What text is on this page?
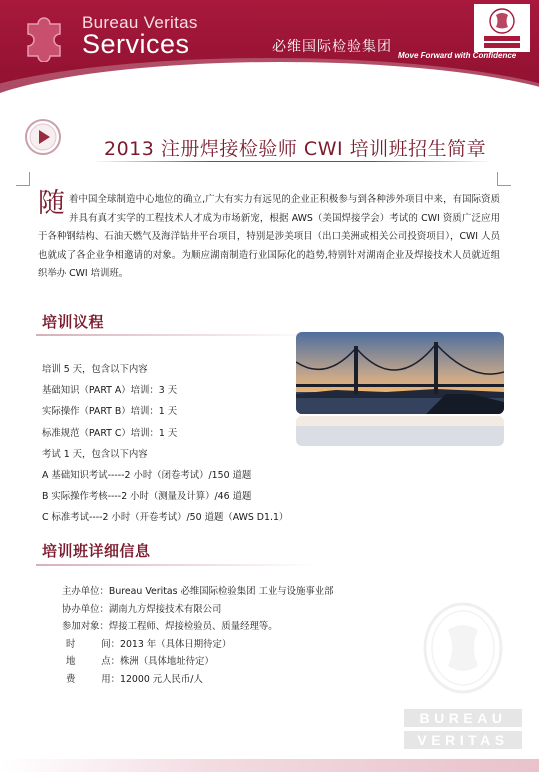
Bureau Veritas
Services	必维国际检验集团
Move Forward with Confidence
2013 注册焊接检验师 CWI 培训班招生简章
随 着中国全球制造中心地位的确立,广大有实力有远见的企业正积极参与到各种涉外项目中来，有国际资质并具有真才实学的工程技术人才成为市场新宠，根据 AWS（美国焊接学会）考试的 CWI 资质广泛应用于各种钢结构、石油天燃气及海洋钻井平台项目，特别是涉美项目（出口美洲或相关公司投资项目），CWI 人员也就成了各企业争相邀请的对象。为顺应湖南制造行业国际化的趋势,特别针对湖南企业及焊接技术人员就近组织举办 CWI 培训班。
培训议程
培训 5 天，包含以下内容
基础知识（PART A）培训：3 天
实际操作（PART B）培训：1 天
标准规范（PART C）培训：1 天
考试 1 天，包含以下内容
A 基础知识考试-----2 小时（闭卷考试）/150 道题
B 实际操作考核----2 小时（测量及计算）/46 道题
C 标准考试----2 小时（开卷考试）/50 道题（AWS D1.1）
培训班详细信息
主办单位： Bureau Veritas 必维国际检验集团 工业与设施事业部
协办单位： 湖南九方焊接技术有限公司
参加对象： 焊接工程师、焊接检验员、质量经理等。
时	间： 2013 年（具体日期待定）
地	点： 株洲（具体地址待定）
费	用： 12000 元人民币/人
BUREAU
VERITAS
